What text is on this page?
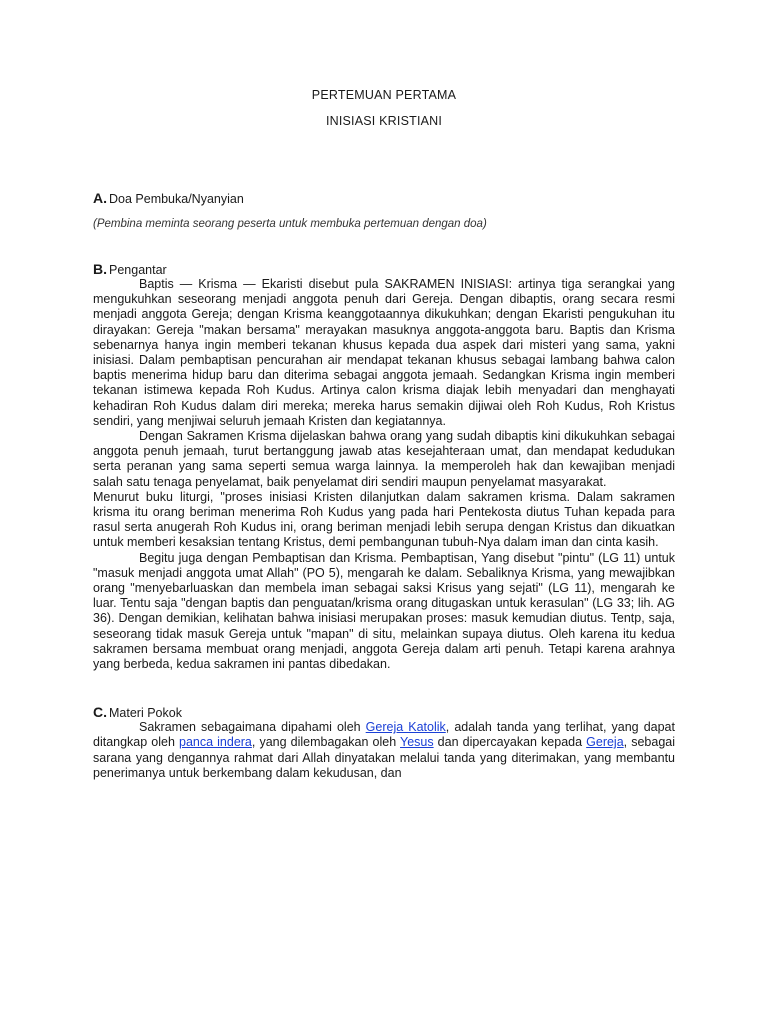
PERTEMUAN PERTAMA

INISIASI KRISTIANI

A. Doa Pembuka/Nyanyian

(Pembina meminta seorang peserta untuk membuka pertemuan dengan doa)

B. Pengantar

Baptis — Krisma — Ekaristi disebut pula SAKRAMEN INISIASI: artinya tiga serangkai yang mengukuhkan seseorang menjadi anggota penuh dari Gereja. Dengan dibaptis, orang secara resmi menjadi anggota Gereja; dengan Krisma keanggotaannya dikukuhkan; dengan Ekaristi pengukuhan itu dirayakan: Gereja "makan bersama" merayakan masuknya anggota-anggota baru. Baptis dan Krisma sebenarnya hanya ingin memberi tekanan khusus kepada dua aspek dari misteri yang sama, yakni inisiasi. Dalam pembaptisan pencurahan air mendapat tekanan khusus sebagai lambang bahwa calon baptis menerima hidup baru dan diterima sebagai anggota jemaah. Sedangkan Krisma ingin memberi tekanan istimewa kepada Roh Kudus. Artinya calon krisma diajak lebih menyadari dan menghayati kehadiran Roh Kudus dalam diri mereka; mereka harus semakin dijiwai oleh Roh Kudus, Roh Kristus sendiri, yang menjiwai seluruh jemaah Kristen dan kegiatannya.

Dengan Sakramen Krisma dijelaskan bahwa orang yang sudah dibaptis kini dikukuhkan sebagai anggota penuh jemaah, turut bertanggung jawab atas kesejahteraan umat, dan mendapat kedudukan serta peranan yang sama seperti semua warga lainnya. Ia memperoleh hak dan kewajiban menjadi salah satu tenaga penyelamat, baik penyelamat diri sendiri maupun penyelamat masyarakat.

Menurut buku liturgi, "proses inisiasi Kristen dilanjutkan dalam sakramen krisma. Dalam sakramen krisma itu orang beriman menerima Roh Kudus yang pada hari Pentekosta diutus Tuhan kepada para rasul serta anugerah Roh Kudus ini, orang beriman menjadi lebih serupa dengan Kristus dan dikuatkan untuk memberi kesaksian tentang Kristus, demi pembangunan tubuh-Nya dalam iman dan cinta kasih.

Begitu juga dengan Pembaptisan dan Krisma. Pembaptisan, Yang disebut "pintu" (LG 11) untuk "masuk menjadi anggota umat Allah" (PO 5), mengarah ke dalam. Sebaliknya Krisma, yang mewajibkan orang "menyebarluaskan dan membela iman sebagai saksi Krisus yang sejati" (LG 11), mengarah ke luar. Tentu saja "dengan baptis dan penguatan/krisma orang ditugaskan untuk kerasulan" (LG 33; lih. AG 36). Dengan demikian, kelihatan bahwa inisiasi merupakan proses: masuk kemudian diutus. Tentp, saja, seseorang tidak masuk Gereja untuk "mapan" di situ, melainkan supaya diutus. Oleh karena itu kedua sakramen bersama membuat orang menjadi, anggota Gereja dalam arti penuh. Tetapi karena arahnya yang berbeda, kedua sakramen ini pantas dibedakan.

C. Materi Pokok

Sakramen sebagaimana dipahami oleh Gereja Katolik, adalah tanda yang terlihat, yang dapat ditangkap oleh panca indera, yang dilembagakan oleh Yesus dan dipercayakan kepada Gereja, sebagai sarana yang dengannya rahmat dari Allah dinyatakan melalui tanda yang diterimakan, yang membantu penerimanya untuk berkembang dalam kekudusan, dan
